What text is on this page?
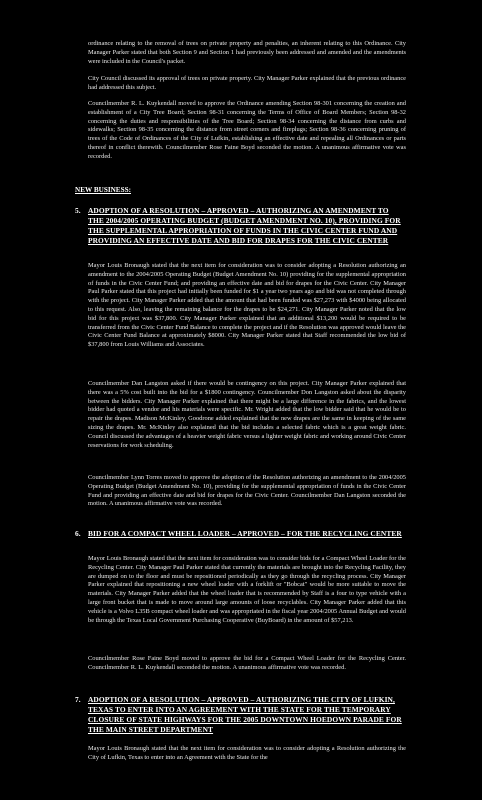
ordinance relating to the removal of trees on private property and penalties, an inherent relating to this Ordinance. City Manager Parker stated that both Section 9 and Section 1 had previously been addressed and amended and the amendments were included in the Council's packet.

City Council discussed its approval of trees on private property. City Manager Parker explained that the previous ordinance had addressed this subject.

Councilmember R. L. Kuykendall moved to approve the Ordinance amending Section 98-301 concerning the creation and establishment of a City Tree Board; Section 98-31 concerning the Terms of Office of Board Members; Section 98-32 concerning the duties and responsibilities of the Tree Board; Section 98-34 concerning the distance from curbs and sidewalks; Section 98-35 concerning the distance from street corners and fireplugs; Section 98-36 concerning pruning of trees of the Code of Ordinances of the City of Lufkin, establishing an effective date and repealing all Ordinances or parts thereof in conflict therewith. Councilmember Rose Faine Boyd seconded the motion. A unanimous affirmative vote was recorded.

NEW BUSINESS:

5. ADOPTION OF A RESOLUTION – APPROVED – AUTHORIZING AN AMENDMENT TO THE 2004/2005 OPERATING BUDGET (BUDGET AMENDMENT NO. 10), PROVIDING FOR THE SUPPLEMENTAL APPROPRIATION OF FUNDS IN THE CIVIC CENTER FUND AND PROVIDING AN EFFECTIVE DATE AND BID FOR DRAPES FOR THE CIVIC CENTER

Mayor Louis Bronaugh stated that the next item for consideration was to consider adopting a Resolution authorizing an amendment to the 2004/2005 Operating Budget (Budget Amendment No. 10) providing for the supplemental appropriation of funds in the Civic Center Fund; and providing an effective date and bid for drapes for the Civic Center. City Manager Paul Parker stated that this project had initially been funded for $1 a year two years ago and bid was not completed through with the project. City Manager Parker added that the amount that had been funded was $27,273 with $4000 being allocated to this request. Also, leaving the remaining balance for the drapes to be $24,271. City Manager Parker noted that the low bid for this project was $37,800. City Manager Parker explained that an additional $13,200 would be required to be transferred from the Civic Center Fund Balance to complete the project and if the Resolution was approved would leave the Civic Center Fund Balance at approximately $8000. City Manager Parker stated that Staff recommended the low bid of $37,800 from Louis Williams and Associates.

Councilmember Dan Langston asked if there would be contingency on this project. City Manager Parker explained that there was a 5% cost built into the bid for a $1800 contingency. Councilmember Don Langston asked about the disparity between the bidders. City Manager Parker explained that there might be a large difference in the fabrics, and the lowest bidder had quoted a vendor and his materials were specific. Mr. Wright added that the low bidder said that he would be to repair the drapes. Madison McKinley, Goodrone added explained that the new drapes are the same in keeping of the same sizing the drapes. Mr. McKinley also explained that the bid includes a selected fabric which is a great weight fabric. Council discussed the advantages of a heavier weight fabric versus a lighter weight fabric and working around Civic Center reservations for work scheduling.

Councilmember Lynn Torres moved to approve the adoption of the Resolution authorizing an amendment to the 2004/2005 Operating Budget (Budget Amendment No. 10), providing for the supplemental appropriation of funds in the Civic Center Fund and providing an effective date and bid for drapes for the Civic Center. Councilmember Dan Langston seconded the motion. A unanimous affirmative vote was recorded.

6. BID FOR A COMPACT WHEEL LOADER – APPROVED – FOR THE RECYCLING CENTER

Mayor Louis Bronaugh stated that the next item for consideration was to consider bids for a Compact Wheel Loader for the Recycling Center. City Manager Paul Parker stated that currently the materials are brought into the Recycling Facility, they are dumped on to the floor and must be repositioned periodically as they go through the recycling process. City Manager Parker explained that repositioning a new wheel loader with a forklift or "Bobcat" would be more suitable to move the materials. City Manager Parker added that the wheel loader that is recommended by Staff is a four to type vehicle with a large front bucket that is made to move around large amounts of loose recyclables. City Manager Parker added that this vehicle is a Volvo L35B compact wheel loader and was appropriated in the fiscal year 2004/2005 Annual Budget and would be through the Texas Local Government Purchasing Cooperative (BuyBoard) in the amount of $57,213.

Councilmember Rose Faine Boyd moved to approve the bid for a Compact Wheel Loader for the Recycling Center. Councilmember R. L. Kuykendall seconded the motion. A unanimous affirmative vote was recorded.

7. ADOPTION OF A RESOLUTION – APPROVED – AUTHORIZING THE CITY OF LUFKIN, TEXAS TO ENTER INTO AN AGREEMENT WITH THE STATE FOR THE TEMPORARY CLOSURE OF STATE HIGHWAYS FOR THE 2005 DOWNTOWN HOEDOWN PARADE FOR THE MAIN STREET DEPARTMENT

Mayor Louis Bronaugh stated that the next item for consideration was to consider adopting a Resolution authorizing the City of Lufkin, Texas to enter into an Agreement with the State for the
